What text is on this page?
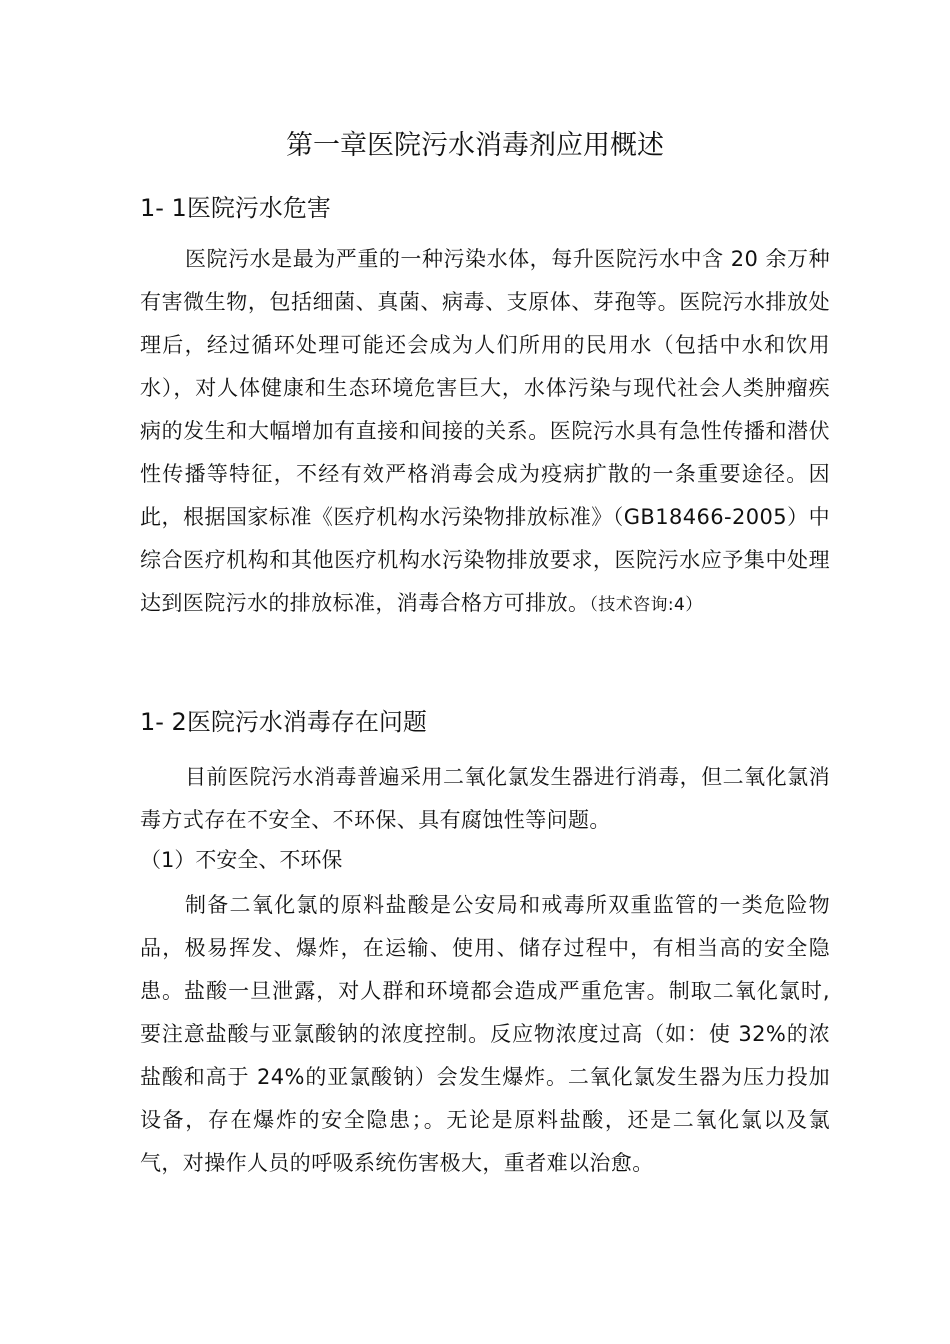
第一章医院污水消毒剂应用概述
1- 1医院污水危害

医院污水是最为严重的一种污染水体，每升医院污水中含 20 余万种有害微生物，包括细菌、真菌、病毒、支原体、芽孢等。医院污水排放处理后，经过循环处理可能还会成为人们所用的民用水（包括中水和饮用水），对人体健康和生态环境危害巨大，水体污染与现代社会人类肿瘤疾病的发生和大幅增加有直接和间接的关系。医院污水具有急性传播和潜伏性传播等特征，不经有效严格消毒会成为疫病扩散的一条重要途径。因此，根据国家标准《医疗机构水污染物排放标准》（GB18466-2005）中综合医疗机构和其他医疗机构水污染物排放要求，医院污水应予集中处理达到医院污水的排放标准，消毒合格方可排放。（技术咨询:4）

1- 2医院污水消毒存在问题

目前医院污水消毒普遍采用二氧化氯发生器进行消毒，但二氧化氯消毒方式存在不安全、不环保、具有腐蚀性等问题。

（1）不安全、不环保

制备二氧化氯的原料盐酸是公安局和戒毒所双重监管的一类危险物品，极易挥发、爆炸，在运输、使用、储存过程中，有相当高的安全隐患。盐酸一旦泄露，对人群和环境都会造成严重危害。制取二氧化氯时,要注意盐酸与亚氯酸钠的浓度控制。反应物浓度过高（如：使 32%的浓盐酸和高于 24%的亚氯酸钠）会发生爆炸。二氧化氯发生器为压力投加设备，存在爆炸的安全隐患；。无论是原料盐酸，还是二氧化氯以及氯气，对操作人员的呼吸系统伤害极大，重者难以治愈。
